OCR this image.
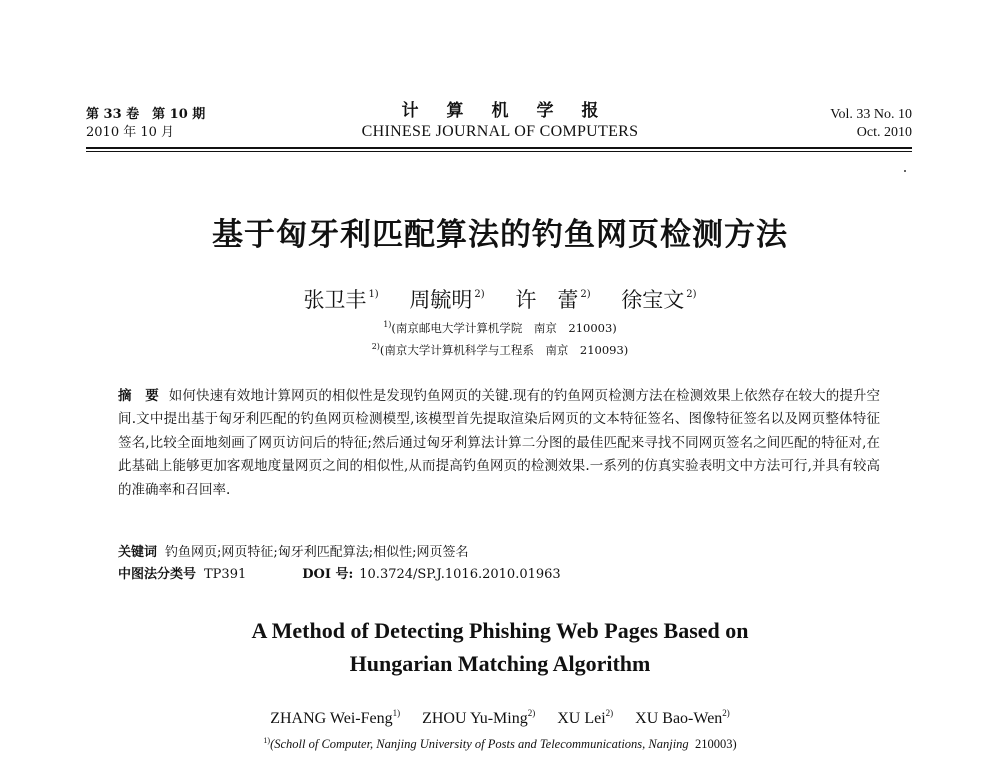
第 33 卷　第 10 期
2010 年 10 月
计算机学报
CHINESE JOURNAL OF COMPUTERS
Vol. 33 No. 10
Oct. 2010
基于匈牙利匹配算法的钓鱼网页检测方法
张卫丰 $^{1)}$ 周毓明 $^{2)}$ 许　蕾 $^{2)}$ 徐宝文 $^{2)}$
$^{1)}$(南京邮电大学计算机学院　南京　210003)
$^{2)}$(南京大学计算机科学与工程系　南京　210093)
摘　要 如何快速有效地计算网页的相似性是发现钓鱼网页的关键.现有的钓鱼网页检测方法在检测效果上依然存在较大的提升空间.文中提出基于匈牙利匹配的钓鱼网页检测模型,该模型首先提取渲染后网页的文本特征签名、图像特征签名以及网页整体特征签名,比较全面地刻画了网页访问后的特征;然后通过匈牙利算法计算二分图的最佳匹配来寻找不同网页签名之间匹配的特征对,在此基础上能够更加客观地度量网页之间的相似性,从而提高钓鱼网页的检测效果.一系列的仿真实验表明文中方法可行,并具有较高的准确率和召回率.
关键词 钓鱼网页;网页特征;匈牙利匹配算法;相似性;网页签名
中图法分类号 TP391	DOI 号: 10.3724/SP.J.1016.2010.01963
A Method of Detecting Phishing Web Pages Based on
Hungarian Matching Algorithm
ZHANG Wei-Feng$^{1)}$ ZHOU Yu-Ming$^{2)}$ XU Lei$^{2)}$ XU Bao-Wen$^{2)}$
$^{1)}$(Scholl of Computer, Nanjing University of Posts and Telecommunications, Nanjing 210003)
